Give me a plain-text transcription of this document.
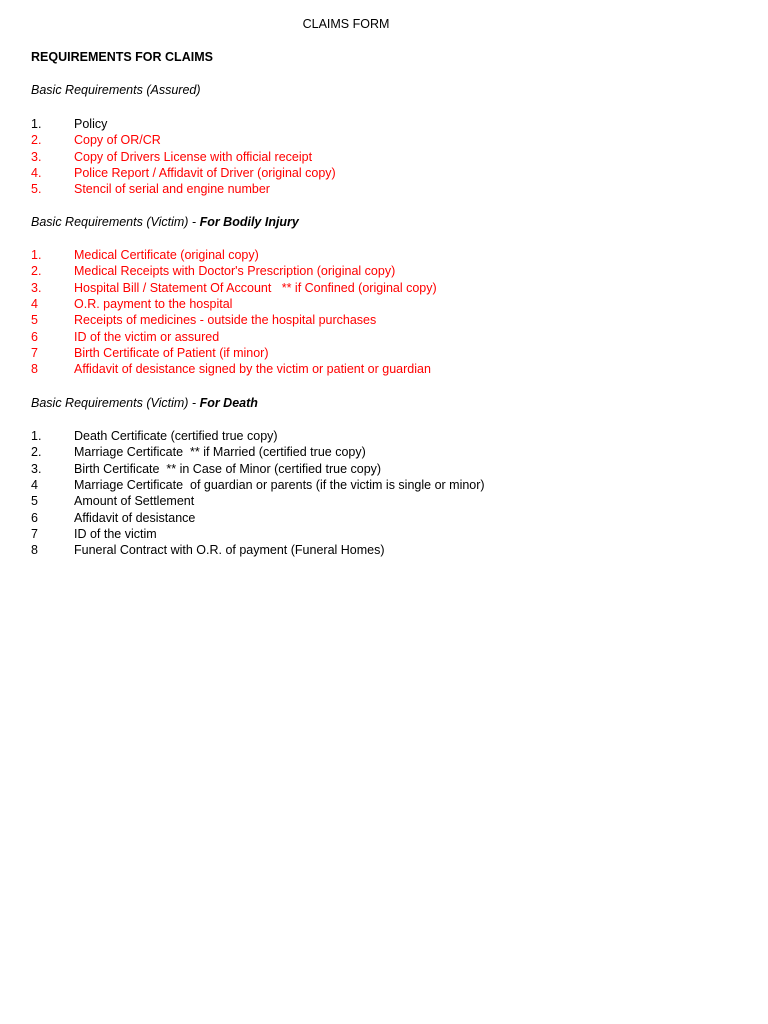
CLAIMS FORM
REQUIREMENTS FOR CLAIMS
Basic Requirements (Assured)

1.

	Policy

2.

	Copy of OR/CR

3.

	Copy of Drivers License with official receipt

4.

	Police Report / Affidavit of Driver (original copy)

5.

	Stencil of serial and engine number

Basic Requirements (Victim) - For Bodily Injury

1.

	Medical Certificate (original copy)

2.

	Medical Receipts with Doctor's Prescription (original copy)

3.

	Hospital Bill / Statement Of Account   ** if Confined (original copy)

4

	O.R. payment to the hospital

5

	Receipts of medicines - outside the hospital purchases

6

	ID of the victim or assured

7

	Birth Certificate of Patient (if minor)

8

	Affidavit of desistance signed by the victim or patient or guardian

Basic Requirements (Victim) - For Death

1.

	Death Certificate (certified true copy)

2.

	Marriage Certificate  ** if Married (certified true copy)

3.

	Birth Certificate  ** in Case of Minor (certified true copy)

4

	Marriage Certificate  of guardian or parents (if the victim is single or minor)

5

	Amount of Settlement

6

	Affidavit of desistance

7

	ID of the victim

8

	Funeral Contract with O.R. of payment (Funeral Homes)
